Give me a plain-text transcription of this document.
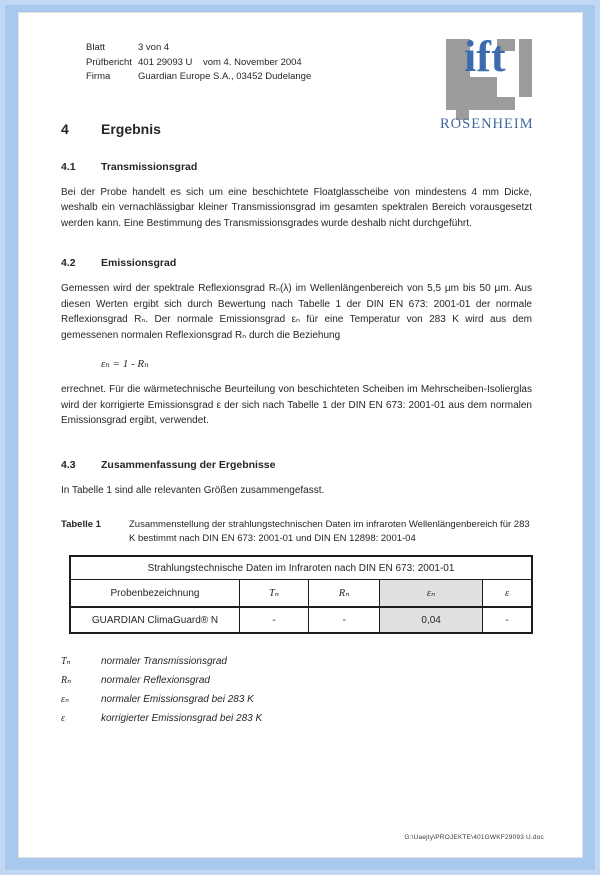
Blatt	3 von 4
Prüfbericht 401 29093 U    vom 4. November 2004
Firma	Guardian Europe S.A., 03452 Dudelange	ift
ROSENHEIM
4	Ergebnis
4.1	Transmissionsgrad

Bei der Probe handelt es sich um eine beschichtete Floatglasscheibe von mindestens 4 mm Dicke, weshalb ein vernachlässigbar kleiner Transmissionsgrad im gesamten spektralen Bereich vorausgesetzt werden kann. Eine Bestimmung des Transmissionsgrades wurde deshalb nicht durchgeführt.

4.2	Emissionsgrad

Gemessen wird der spektrale Reflexionsgrad Rₙ(λ) im Wellenlängenbereich von 5,5 μm bis 50 μm. Aus diesen Werten ergibt sich durch Bewertung nach Tabelle 1 der DIN EN 673: 2001-01 der normale Reflexionsgrad Rₙ. Der normale Emissionsgrad εₙ für eine Temperatur von 283 K wird aus dem gemessenen normalen Reflexionsgrad Rₙ durch die Beziehung

εₙ = 1 - Rₙ

errechnet. Für die wärmetechnische Beurteilung von beschichteten Scheiben im Mehrscheiben-Isolierglas wird der korrigierte Emissionsgrad ε der sich nach Tabelle 1 der DIN EN 673: 2001-01 aus dem normalen Emissionsgrad ergibt, verwendet.

4.3	Zusammenfassung der Ergebnisse

In Tabelle 1 sind alle relevanten Größen zusammengefasst.

Tabelle 1	Zusammenstellung der strahlungstechnischen Daten im infraroten Wellenlängenbereich für 283 K bestimmt nach DIN EN 673: 2001-01 und DIN EN 12898: 2001-04
Strahlungstechnische Daten im Infraroten nach DIN EN 673: 2001-01				
Probenbezeichnung	Tₙ	Rₙ	εₙ	ε
GUARDIAN ClimaGuard® N	-	-	0,04	-
Tₙ	normaler Transmissionsgrad
Rₙ	normaler Reflexionsgrad
εₙ	normaler Emissionsgrad bei 283 K
ε	korrigierter Emissionsgrad bei 283 K
G:\Uaejty\PROJEKTE\401GWKF29093 U.doc
